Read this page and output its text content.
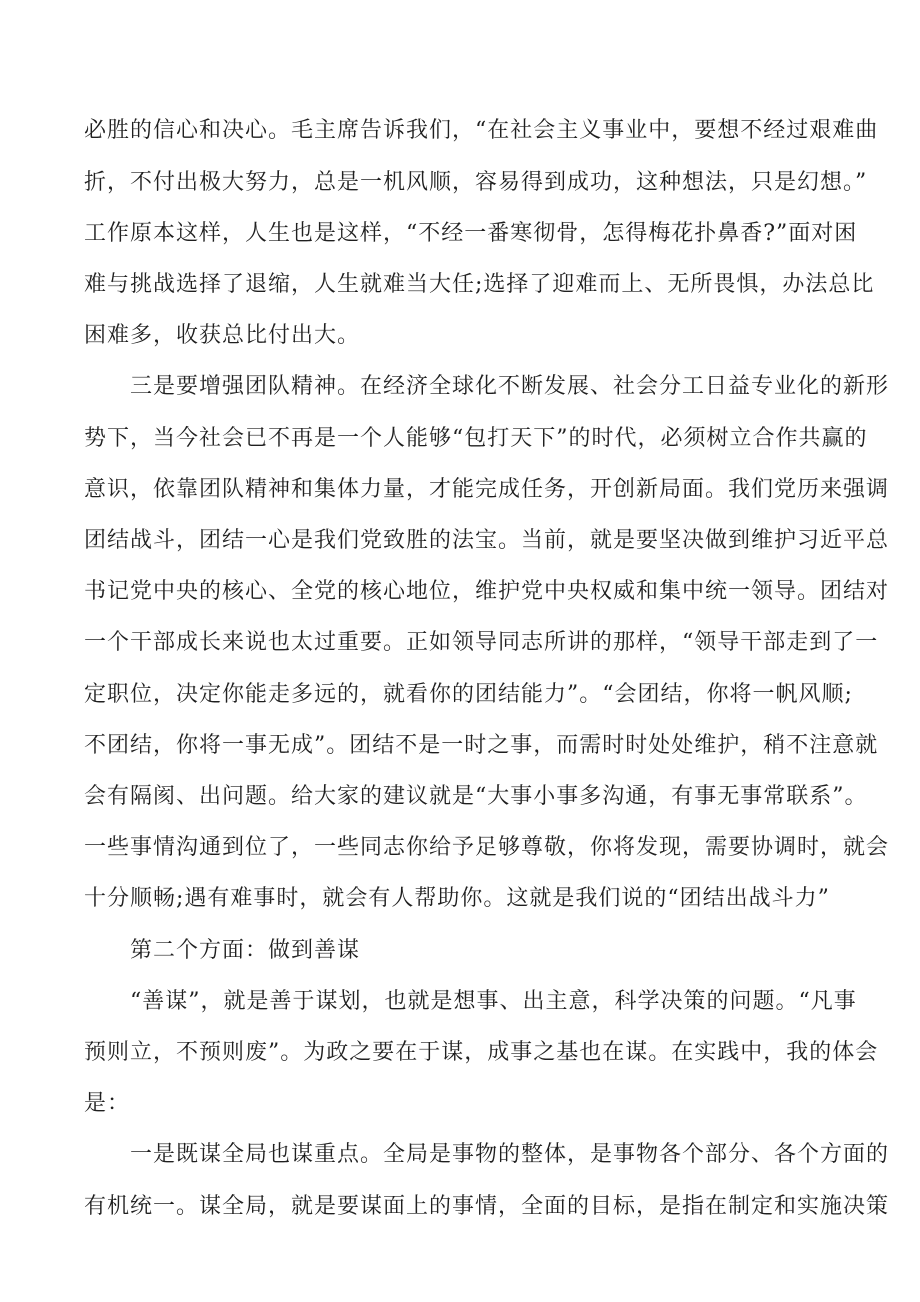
必胜的信心和决心。毛主席告诉我们，“在社会主义事业中，要想不经过艰难曲
折，不付出极大努力，总是一机风顺，容易得到成功，这种想法，只是幻想。”
工作原本这样，人生也是这样，“不经一番寒彻骨，怎得梅花扑鼻香?”面对困
难与挑战选择了退缩，人生就难当大任;选择了迎难而上、无所畏惧，办法总比
困难多，收获总比付出大。
三是要增强团队精神。在经济全球化不断发展、社会分工日益专业化的新形
势下，当今社会已不再是一个人能够“包打天下”的时代，必须树立合作共赢的
意识，依靠团队精神和集体力量，才能完成任务，开创新局面。我们党历来强调
团结战斗，团结一心是我们党致胜的法宝。当前，就是要坚决做到维护习近平总
书记党中央的核心、全党的核心地位，维护党中央权威和集中统一领导。团结对
一个干部成长来说也太过重要。正如领导同志所讲的那样，“领导干部走到了一
定职位，决定你能走多远的，就看你的团结能力”。“会团结，你将一帆风顺;
不团结，你将一事无成”。团结不是一时之事，而需时时处处维护，稍不注意就
会有隔阂、出问题。给大家的建议就是“大事小事多沟通，有事无事常联系”。
一些事情沟通到位了，一些同志你给予足够尊敬，你将发现，需要协调时，就会
十分顺畅;遇有难事时，就会有人帮助你。这就是我们说的“团结出战斗力”
第二个方面：做到善谋
“善谋”，就是善于谋划，也就是想事、出主意，科学决策的问题。“凡事
预则立，不预则废”。为政之要在于谋，成事之基也在谋。在实践中，我的体会
是：
一是既谋全局也谋重点。全局是事物的整体，是事物各个部分、各个方面的
有机统一。谋全局，就是要谋面上的事情，全面的目标，是指在制定和实施决策
